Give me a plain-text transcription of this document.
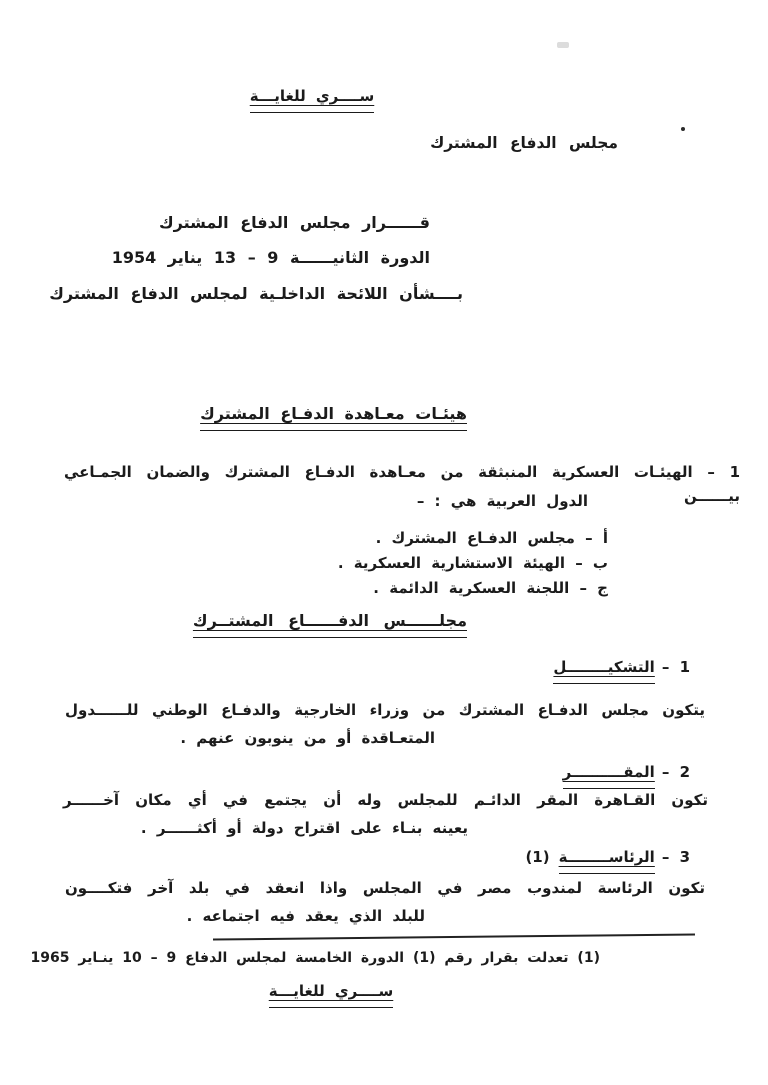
ســــري للغايـــة
مجلس الدفاع المشترك
قــــــرار مجلس الدفاع المشترك
الدورة الثانيــــــة 9 – 13 يناير 1954
بــــشأن اللائحة الداخلـية لمجلس الدفاع المشترك
هيئـات معـاهدة الدفـاع المشترك
1 – الهيئـات العسكرية المنبثقة من معـاهدة الدفـاع المشترك والضمان الجمـاعي بيــــــن
الدول العربية هي : –
أ – مجلس الدفـاع المشترك .
ب – الهيئة الاستشارية العسكرية .
ج – اللجنة العسكرية الدائمة .
مجلــــــس الدفــــــاع المشتــرك
1 –التشكيــــــــل
يتكون مجلس الدفـاع المشترك من وزراء الخارجية والدفـاع الوطني للــــــدول
المتعـاقدة أو من ينوبون عنهم .
2 –المقــــــــــر
تكون القـاهرة المقر الدائـم للمجلس وله أن يجتمع في أي مكان آخــــــر
يعينه بنـاء على اقتراح دولة أو أكثــــــر .
3 –الرئاســــــــة(1)
تكون الرئاسة لمندوب مصر في المجلس واذا انعقد في بلد آخر فتكــــون
للبلد الذي يعقد فيه اجتماعه .
(1) تعدلت بقرار رقم (1) الدورة الخامسة لمجلس الدفاع 9 – 10 ينـاير 1965
ســــري للغايـــة
